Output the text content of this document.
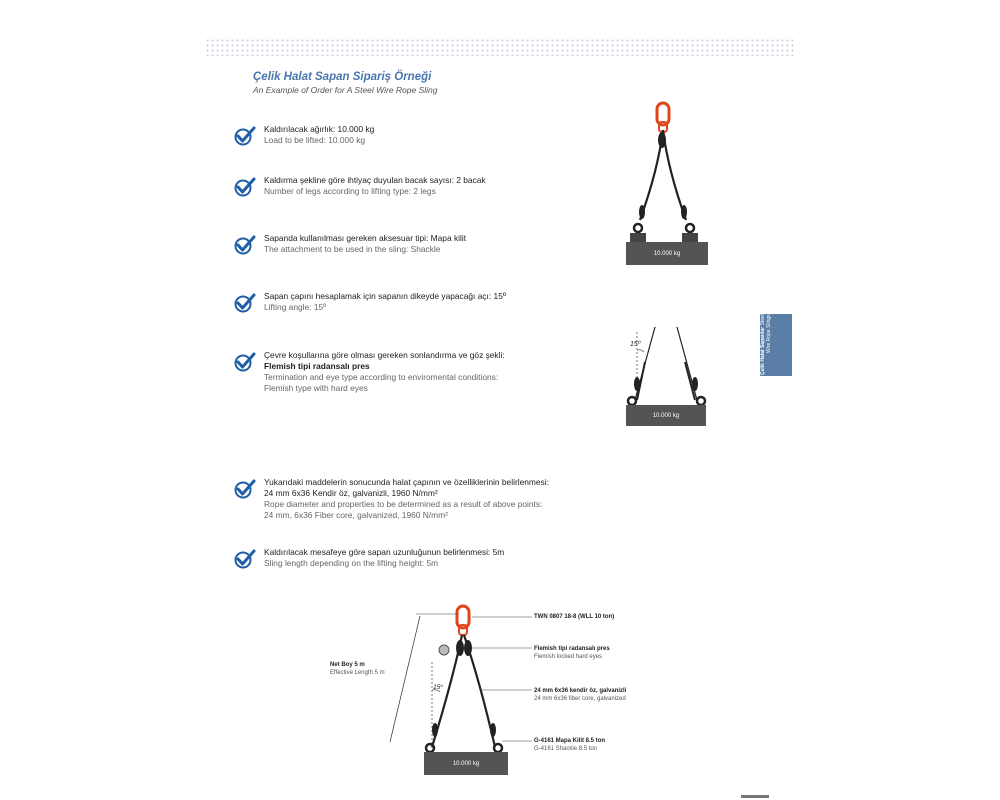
Çelik Halat Sapan Sipariş Örneği
An Example of Order for A Steel Wire Rope Sling
Kaldırılacak ağırlık: 10.000 kg
Load to be lifted: 10.000 kg
Kaldırma şekline göre ihtiyaç duyulan bacak sayısı: 2 bacak
Number of legs according to lifting type: 2 legs
Sapanda kullanılması gereken aksesuar tipi: Mapa kilit
The attachment to be used in the sling: Shackle
Sapan çapını hesaplamak için sapanın dikeyde yapacağı açı: 15º
Lifting angle: 15º
Çevre koşullarına göre olması gereken sonlandırma ve göz şekli:
Flemish tipi radansalı pres
Termination and eye type according to enviromental conditions:
Flemish type with hard eyes
Yukarıdaki maddelerin sonucunda halat çapının ve özelliklerinin belirlenmesi:
24 mm 6x36 Kendir öz, galvanizli, 1960 N/mm²
Rope diameter and properties to be determined as a result of above points:
24 mm, 6x36 Fiber core, galvanized, 1960 N/mm²
Kaldırılacak mesafeye göre sapan uzunluğunun belirlenmesi: 5m
Sling length depending on the lifting height: 5m
Çelik Halat Sapanlar Steel Wire Rope Slings
10.000 kg
15º
10.000 kg
15º
10.000 kg
Net Boy 5 m
Effective Length 5 m
TWN 0807 18-8 (WLL 10 ton)
Flemish tipi radansalı pres
Flemish locked hard eyes
24 mm 6x36 kendir öz, galvanizli
24 mm 6x36 fiber core, galvanized
G-4161 Mapa Kilit 8.5 ton
G-4161 Shackle 8.5 ton
